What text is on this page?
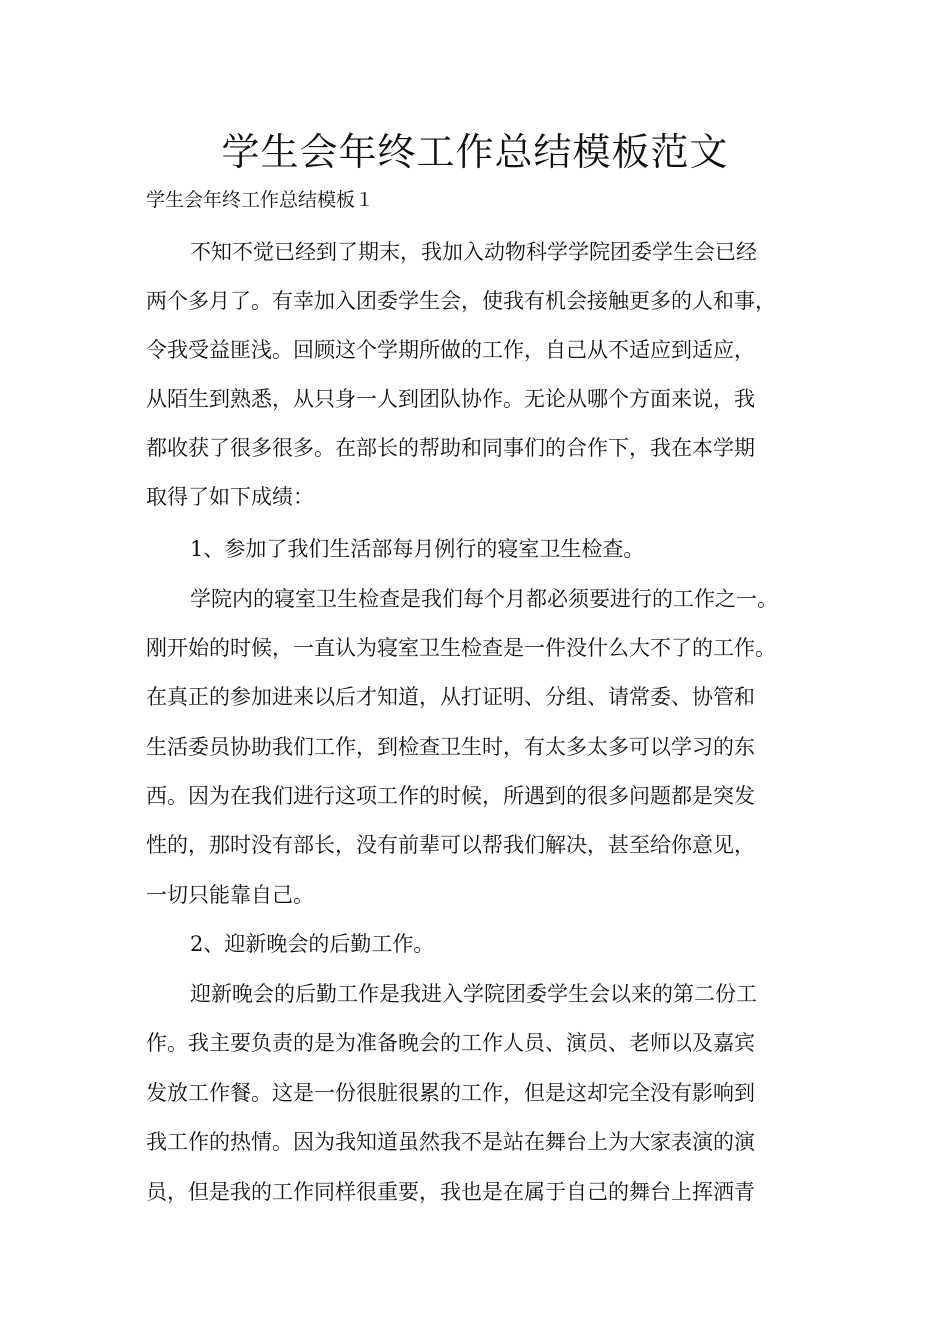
学生会年终工作总结模板范文

学生会年终工作总结模板１

不知不觉已经到了期末，我加入动物科学学院团委学生会已经

两个多月了。有幸加入团委学生会，使我有机会接触更多的人和事，

令我受益匪浅。回顾这个学期所做的工作，自己从不适应到适应，

从陌生到熟悉，从只身一人到团队协作。无论从哪个方面来说，我

都收获了很多很多。在部长的帮助和同事们的合作下，我在本学期

取得了如下成绩：

1、参加了我们生活部每月例行的寝室卫生检查。

学院内的寝室卫生检查是我们每个月都必须要进行的工作之一。

刚开始的时候，一直认为寝室卫生检查是一件没什么大不了的工作。

在真正的参加进来以后才知道，从打证明、分组、请常委、协管和

生活委员协助我们工作，到检查卫生时，有太多太多可以学习的东

西。因为在我们进行这项工作的时候，所遇到的很多问题都是突发

性的，那时没有部长，没有前辈可以帮我们解决，甚至给你意见，

一切只能靠自己。

2、迎新晚会的后勤工作。

迎新晚会的后勤工作是我进入学院团委学生会以来的第二份工

作。我主要负责的是为准备晚会的工作人员、演员、老师以及嘉宾

发放工作餐。这是一份很脏很累的工作，但是这却完全没有影响到

我工作的热情。因为我知道虽然我不是站在舞台上为大家表演的演

员，但是我的工作同样很重要，我也是在属于自己的舞台上挥洒青
